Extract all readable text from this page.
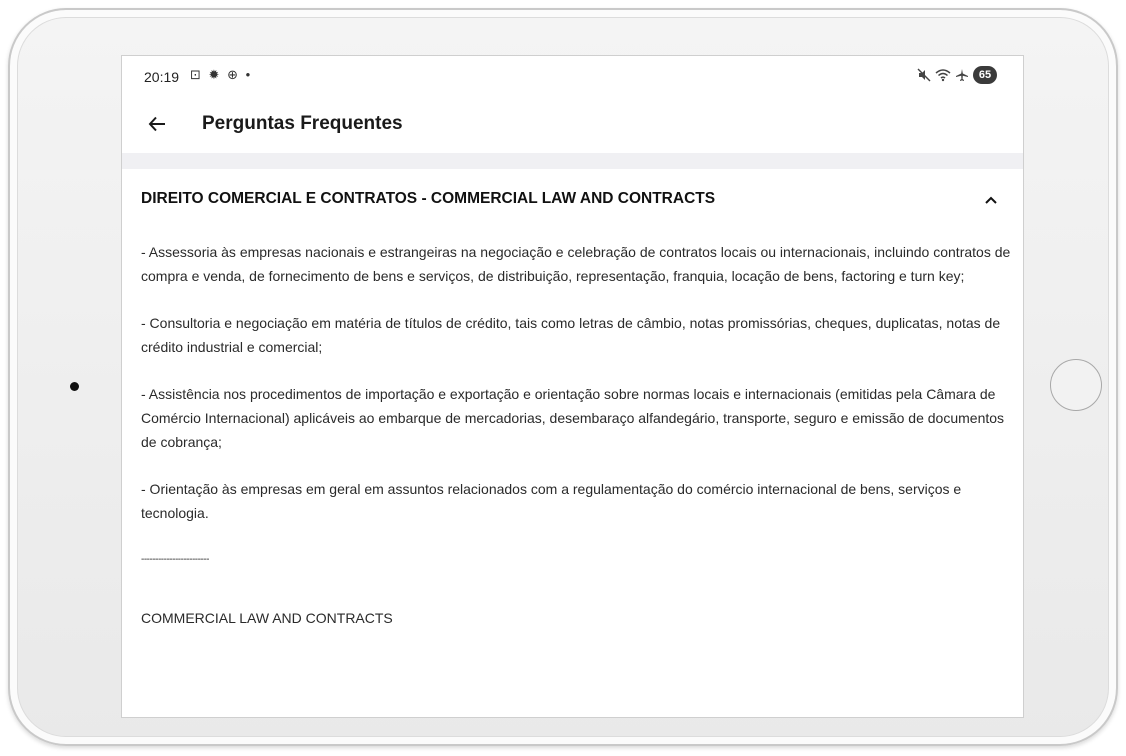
20:19 ⊡ ✹ ⊕ •	65
Perguntas Frequentes
DIREITO COMERCIAL E CONTRATOS - COMMERCIAL LAW AND CONTRACTS

- Assessoria às empresas nacionais e estrangeiras na negociação e celebração de contratos locais ou internacionais, incluindo contratos de compra e venda, de fornecimento de bens e serviços, de distribuição, representação, franquia, locação de bens, factoring e turn key;

- Consultoria e negociação em matéria de títulos de crédito, tais como letras de câmbio, notas promissórias, cheques, duplicatas, notas de crédito industrial e comercial;

- Assistência nos procedimentos de importação e exportação e orientação sobre normas locais e internacionais (emitidas pela Câmara de Comércio Internacional) aplicáveis ao embarque de mercadorias, desembaraço alfandegário, transporte, seguro e emissão de documentos de cobrança;

- Orientação às empresas em geral em assuntos relacionados com a regulamentação do comércio internacional de bens, serviços e tecnologia.

------------------------

COMMERCIAL LAW AND CONTRACTS
